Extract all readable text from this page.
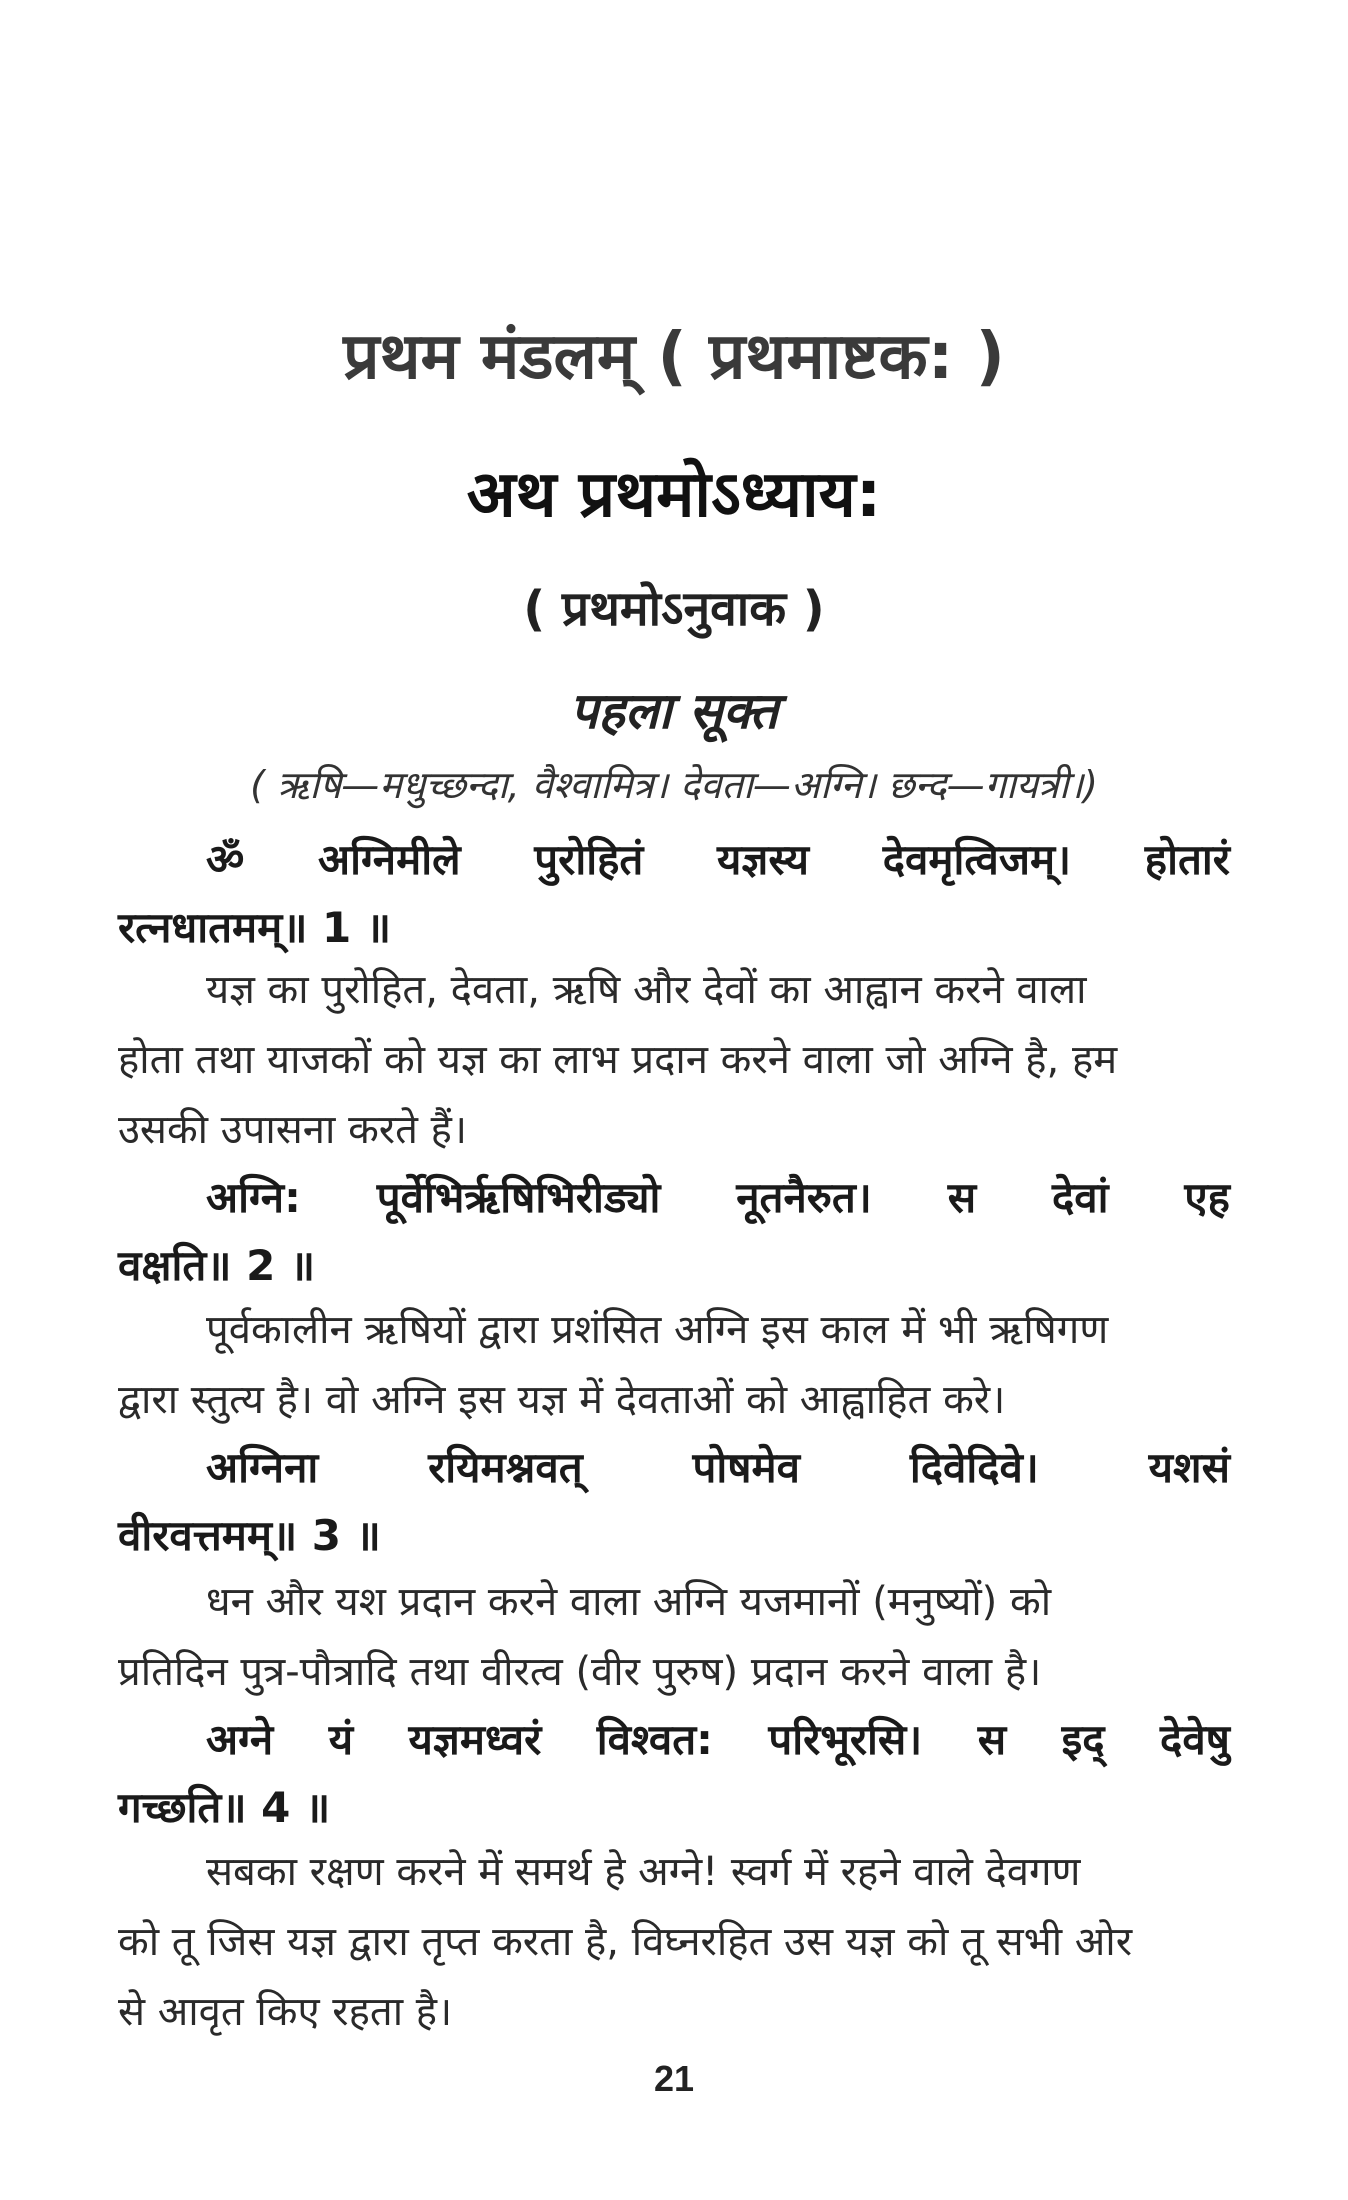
प्रथम मंडलम् ( प्रथमाष्टक: )
अथ प्रथमोऽध्याय:
( प्रथमोऽनुवाक )
पहला सूक्त
( ऋषि—मधुच्छन्दा, वैश्वामित्र। देवता—अग्नि। छन्द—गायत्री।)
ॐ अग्निमीले पुरोहितं यज्ञस्य देवमृत्विजम्। होतारं
रत्नधातमम्॥ 1 ॥
यज्ञ का पुरोहित, देवता, ऋषि और देवों का आह्वान करने वाला
होता तथा याजकों को यज्ञ का लाभ प्रदान करने वाला जो अग्नि है, हम
उसकी उपासना करते हैं।
अग्नि: पूर्वेभिर्ऋषिभिरीड्यो नूतनैरुत। स देवां एह
वक्षति॥ 2 ॥
पूर्वकालीन ऋषियों द्वारा प्रशंसित अग्नि इस काल में भी ऋषिगण
द्वारा स्तुत्य है। वो अग्नि इस यज्ञ में देवताओं को आह्वाहित करे।
अग्निना	रयिमश्नवत्	पोषमेव	दिवेदिवे।	यशसं
वीरवत्तमम्॥ 3 ॥
धन और यश प्रदान करने वाला अग्नि यजमानों (मनुष्यों) को
प्रतिदिन पुत्र-पौत्रादि तथा वीरत्व (वीर पुरुष) प्रदान करने वाला है।
अग्ने यं यज्ञमध्वरं विश्वत: परिभूरसि। स इद् देवेषु
गच्छति॥ 4 ॥
सबका रक्षण करने में समर्थ हे अग्ने! स्वर्ग में रहने वाले देवगण
को तू जिस यज्ञ द्वारा तृप्त करता है, विघ्नरहित उस यज्ञ को तू सभी ओर
से आवृत किए रहता है।
21
